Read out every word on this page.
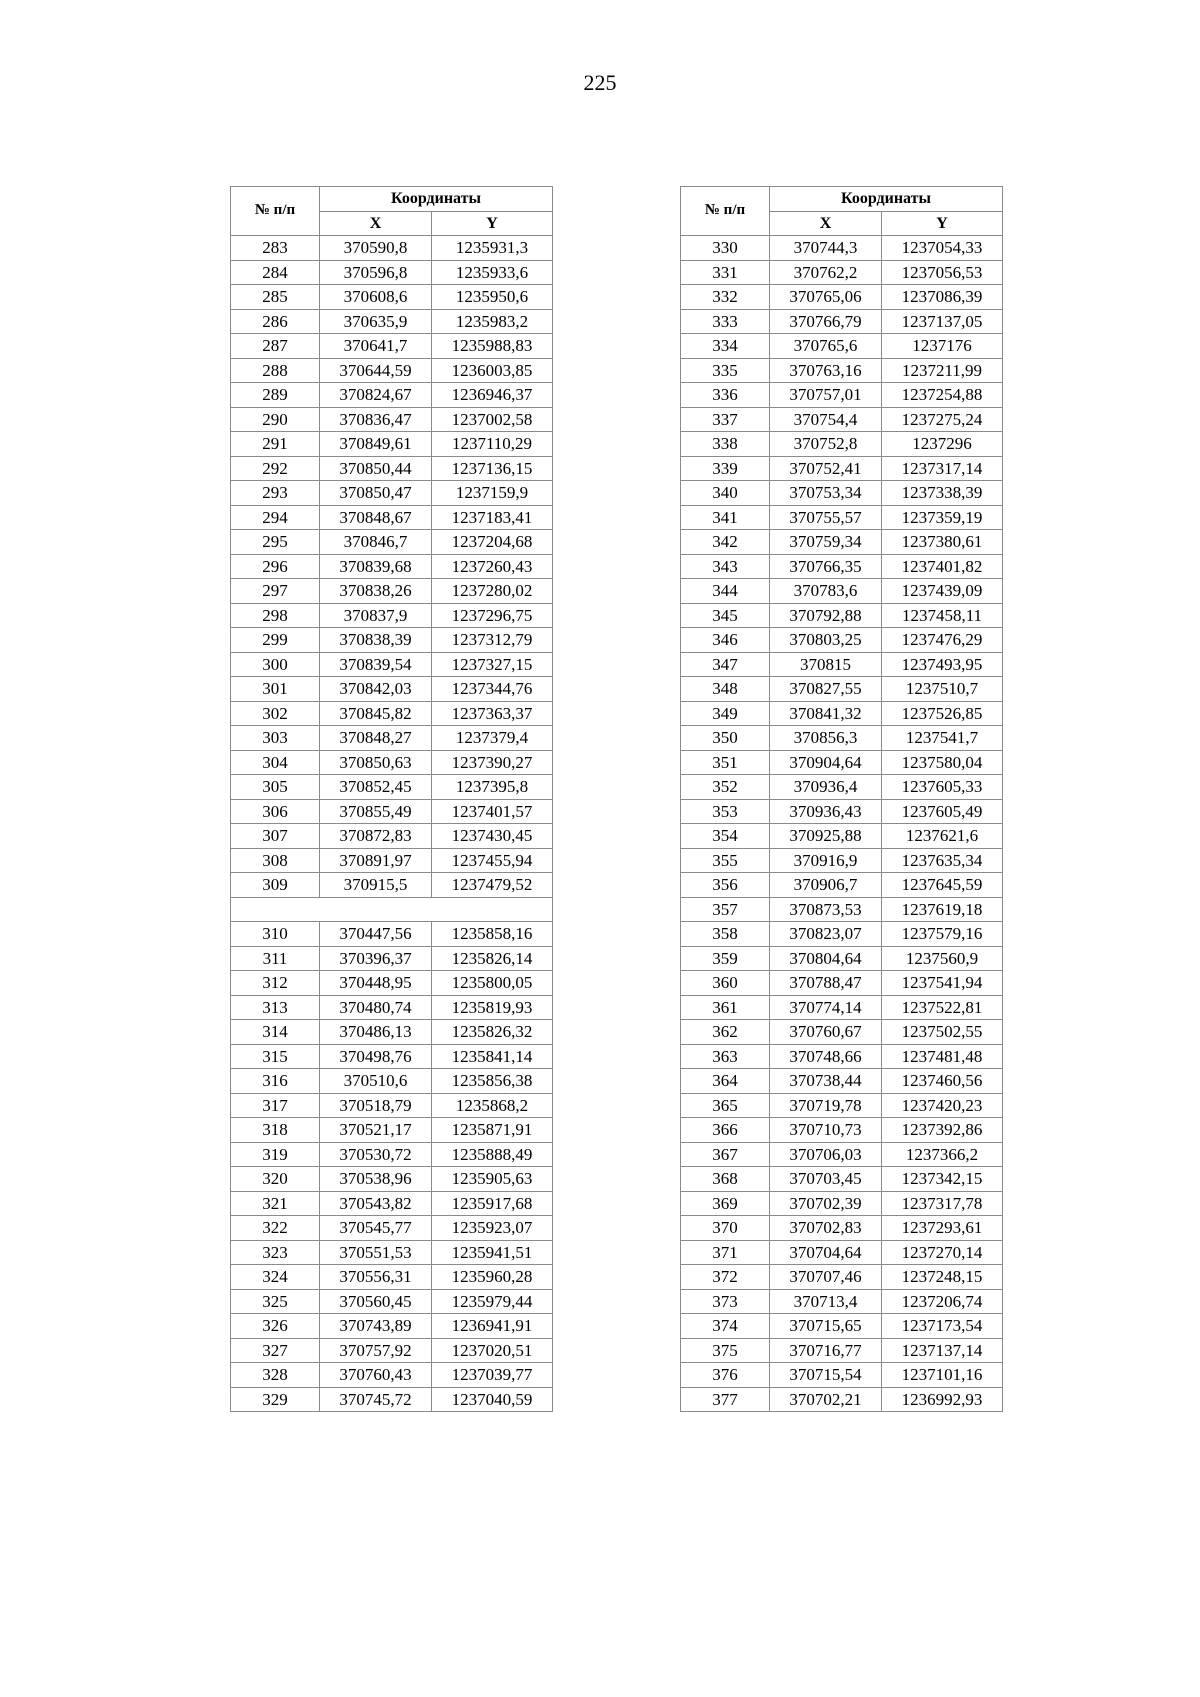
225
№ п/п	Координаты	
	X	Y
283	370590,8	1235931,3
284	370596,8	1235933,6
285	370608,6	1235950,6
286	370635,9	1235983,2
287	370641,7	1235988,83
288	370644,59	1236003,85
289	370824,67	1236946,37
290	370836,47	1237002,58
291	370849,61	1237110,29
292	370850,44	1237136,15
293	370850,47	1237159,9
294	370848,67	1237183,41
295	370846,7	1237204,68
296	370839,68	1237260,43
297	370838,26	1237280,02
298	370837,9	1237296,75
299	370838,39	1237312,79
300	370839,54	1237327,15
301	370842,03	1237344,76
302	370845,82	1237363,37
303	370848,27	1237379,4
304	370850,63	1237390,27
305	370852,45	1237395,8
306	370855,49	1237401,57
307	370872,83	1237430,45
308	370891,97	1237455,94
309	370915,5	1237479,52

310	370447,56	1235858,16
311	370396,37	1235826,14
312	370448,95	1235800,05
313	370480,74	1235819,93
314	370486,13	1235826,32
315	370498,76	1235841,14
316	370510,6	1235856,38
317	370518,79	1235868,2
318	370521,17	1235871,91
319	370530,72	1235888,49
320	370538,96	1235905,63
321	370543,82	1235917,68
322	370545,77	1235923,07
323	370551,53	1235941,51
324	370556,31	1235960,28
325	370560,45	1235979,44
326	370743,89	1236941,91
327	370757,92	1237020,51
328	370760,43	1237039,77
329	370745,72	1237040,59
№ п/п	Координаты	
	X	Y
330	370744,3	1237054,33
331	370762,2	1237056,53
332	370765,06	1237086,39
333	370766,79	1237137,05
334	370765,6	1237176
335	370763,16	1237211,99
336	370757,01	1237254,88
337	370754,4	1237275,24
338	370752,8	1237296
339	370752,41	1237317,14
340	370753,34	1237338,39
341	370755,57	1237359,19
342	370759,34	1237380,61
343	370766,35	1237401,82
344	370783,6	1237439,09
345	370792,88	1237458,11
346	370803,25	1237476,29
347	370815	1237493,95
348	370827,55	1237510,7
349	370841,32	1237526,85
350	370856,3	1237541,7
351	370904,64	1237580,04
352	370936,4	1237605,33
353	370936,43	1237605,49
354	370925,88	1237621,6
355	370916,9	1237635,34
356	370906,7	1237645,59
357	370873,53	1237619,18
358	370823,07	1237579,16
359	370804,64	1237560,9
360	370788,47	1237541,94
361	370774,14	1237522,81
362	370760,67	1237502,55
363	370748,66	1237481,48
364	370738,44	1237460,56
365	370719,78	1237420,23
366	370710,73	1237392,86
367	370706,03	1237366,2
368	370703,45	1237342,15
369	370702,39	1237317,78
370	370702,83	1237293,61
371	370704,64	1237270,14
372	370707,46	1237248,15
373	370713,4	1237206,74
374	370715,65	1237173,54
375	370716,77	1237137,14
376	370715,54	1237101,16
377	370702,21	1236992,93
